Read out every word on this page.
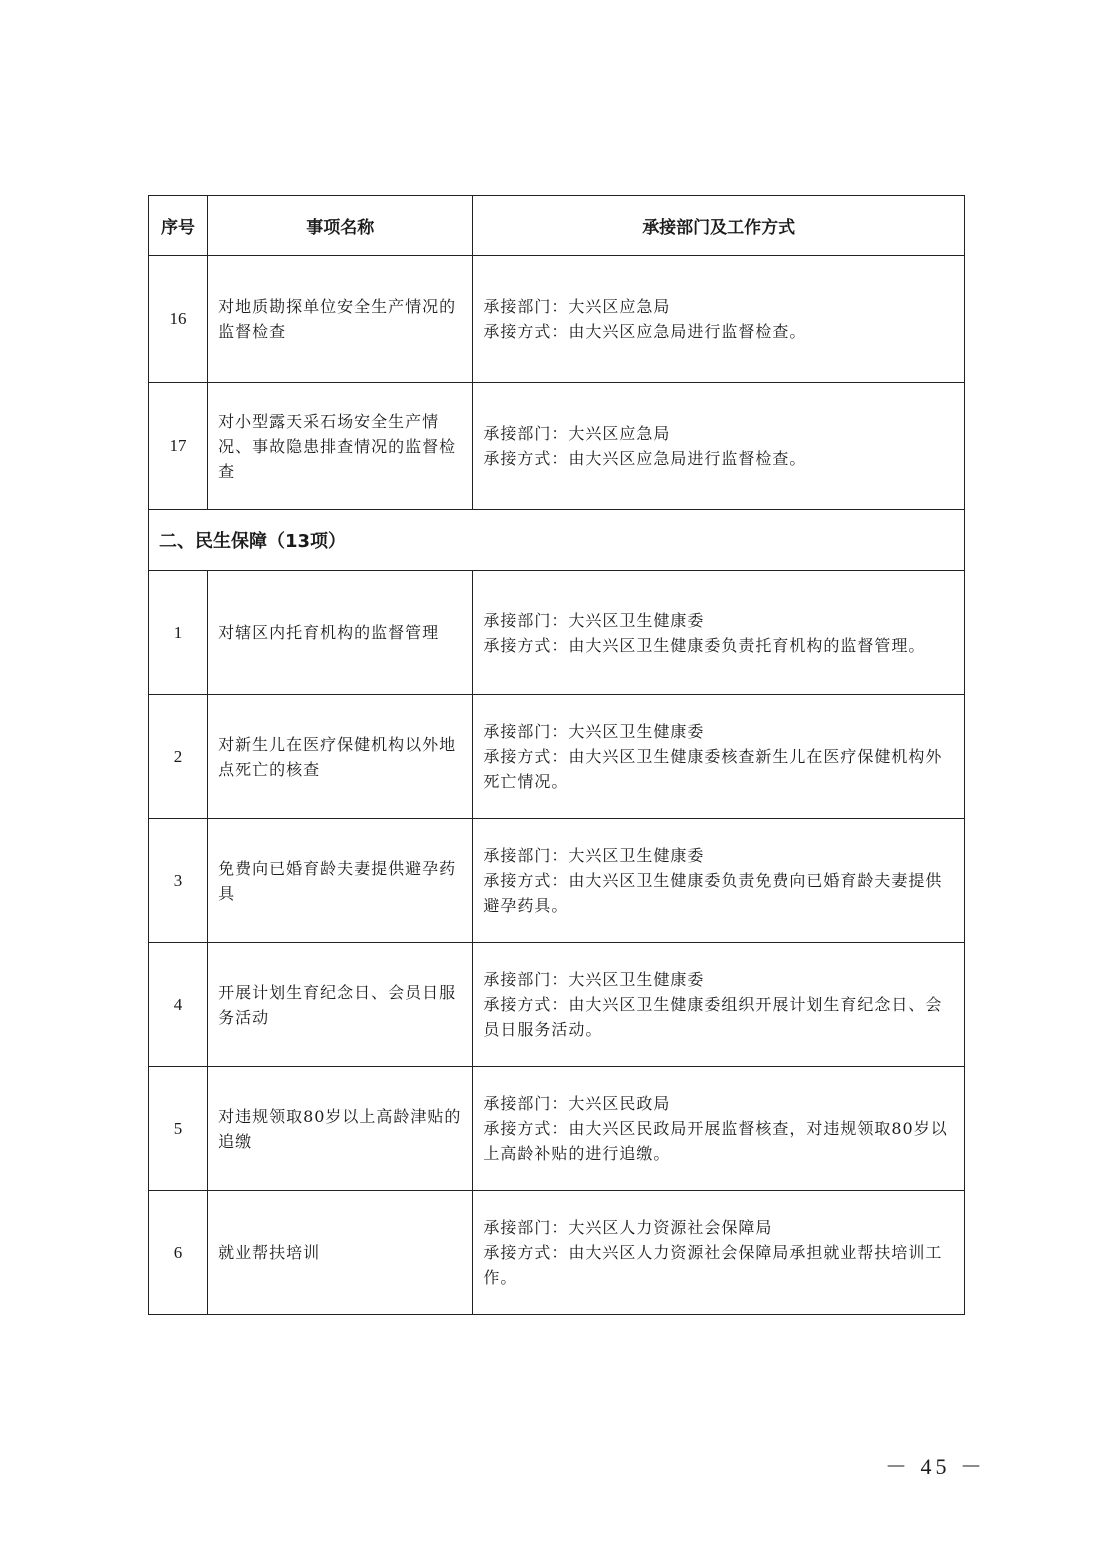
序号	事项名称	承接部门及工作方式
16	对地质勘探单位安全生产情况的监督检查	承接部门：大兴区应急局
承接方式：由大兴区应急局进行监督检查。

17	对小型露天采石场安全生产情况、事故隐患排查情况的监督检查	承接部门：大兴区应急局
承接方式：由大兴区应急局进行监督检查。

二、民生保障（13项）		
1	对辖区内托育机构的监督管理	承接部门：大兴区卫生健康委
承接方式：由大兴区卫生健康委负责托育机构的监督管理。

2	对新生儿在医疗保健机构以外地点死亡的核查	承接部门：大兴区卫生健康委
承接方式：由大兴区卫生健康委核查新生儿在医疗保健机构外死亡情况。

3	免费向已婚育龄夫妻提供避孕药具	承接部门：大兴区卫生健康委
承接方式：由大兴区卫生健康委负责免费向已婚育龄夫妻提供避孕药具。

4	开展计划生育纪念日、会员日服务活动	承接部门：大兴区卫生健康委
承接方式：由大兴区卫生健康委组织开展计划生育纪念日、会员日服务活动。

5	对违规领取80岁以上高龄津贴的追缴	承接部门：大兴区民政局
承接方式：由大兴区民政局开展监督核查，对违规领取80岁以上高龄补贴的进行追缴。

6	就业帮扶培训	承接部门：大兴区人力资源社会保障局
承接方式：由大兴区人力资源社会保障局承担就业帮扶培训工作。
－ 45 －
